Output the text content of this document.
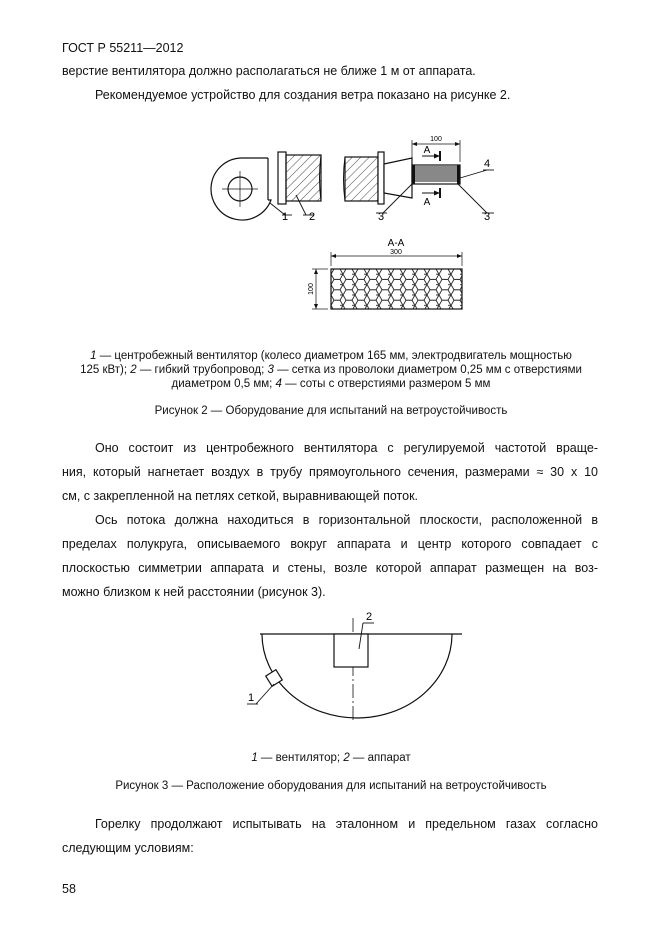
ГОСТ Р 55211—2012
верстие вентилятора должно располагаться не ближе 1 м от аппарата.
Рекомендуемое устройство для создания ветра показано на рисунке 2.
100
A
A
1 2	3	3
4
A-A
300
100
1 — центробежный вентилятор (колесо диаметром 165 мм, электродвигатель мощностью
125 кВт); 2 — гибкий трубопровод; 3 — сетка из проволоки диаметром 0,25 мм с отверстиями
диаметром 0,5 мм; 4 — соты с отверстиями размером 5 мм
Рисунок 2 — Оборудование для испытаний на ветроустойчивость
Оно состоит из центробежного вентилятора с регулируемой частотой враще-
ния, который нагнетает воздух в трубу прямоугольного сечения, размерами ≈ 30 x 10
см, с закрепленной на петлях сеткой, выравнивающей поток.
Ось потока должна находиться в горизонтальной плоскости, расположенной в
пределах полукруга, описываемого вокруг аппарата и центр которого совпадает с
плоскостью симметрии аппарата и стены, возле которой аппарат размещен на воз-
можно близком к ней расстоянии (рисунок 3).
2
1
1 — вентилятор; 2 — аппарат
Рисунок 3 — Расположение оборудования для испытаний на ветроустойчивость
Горелку продолжают испытывать на эталонном и предельном газах согласно
следующим условиям:
58
